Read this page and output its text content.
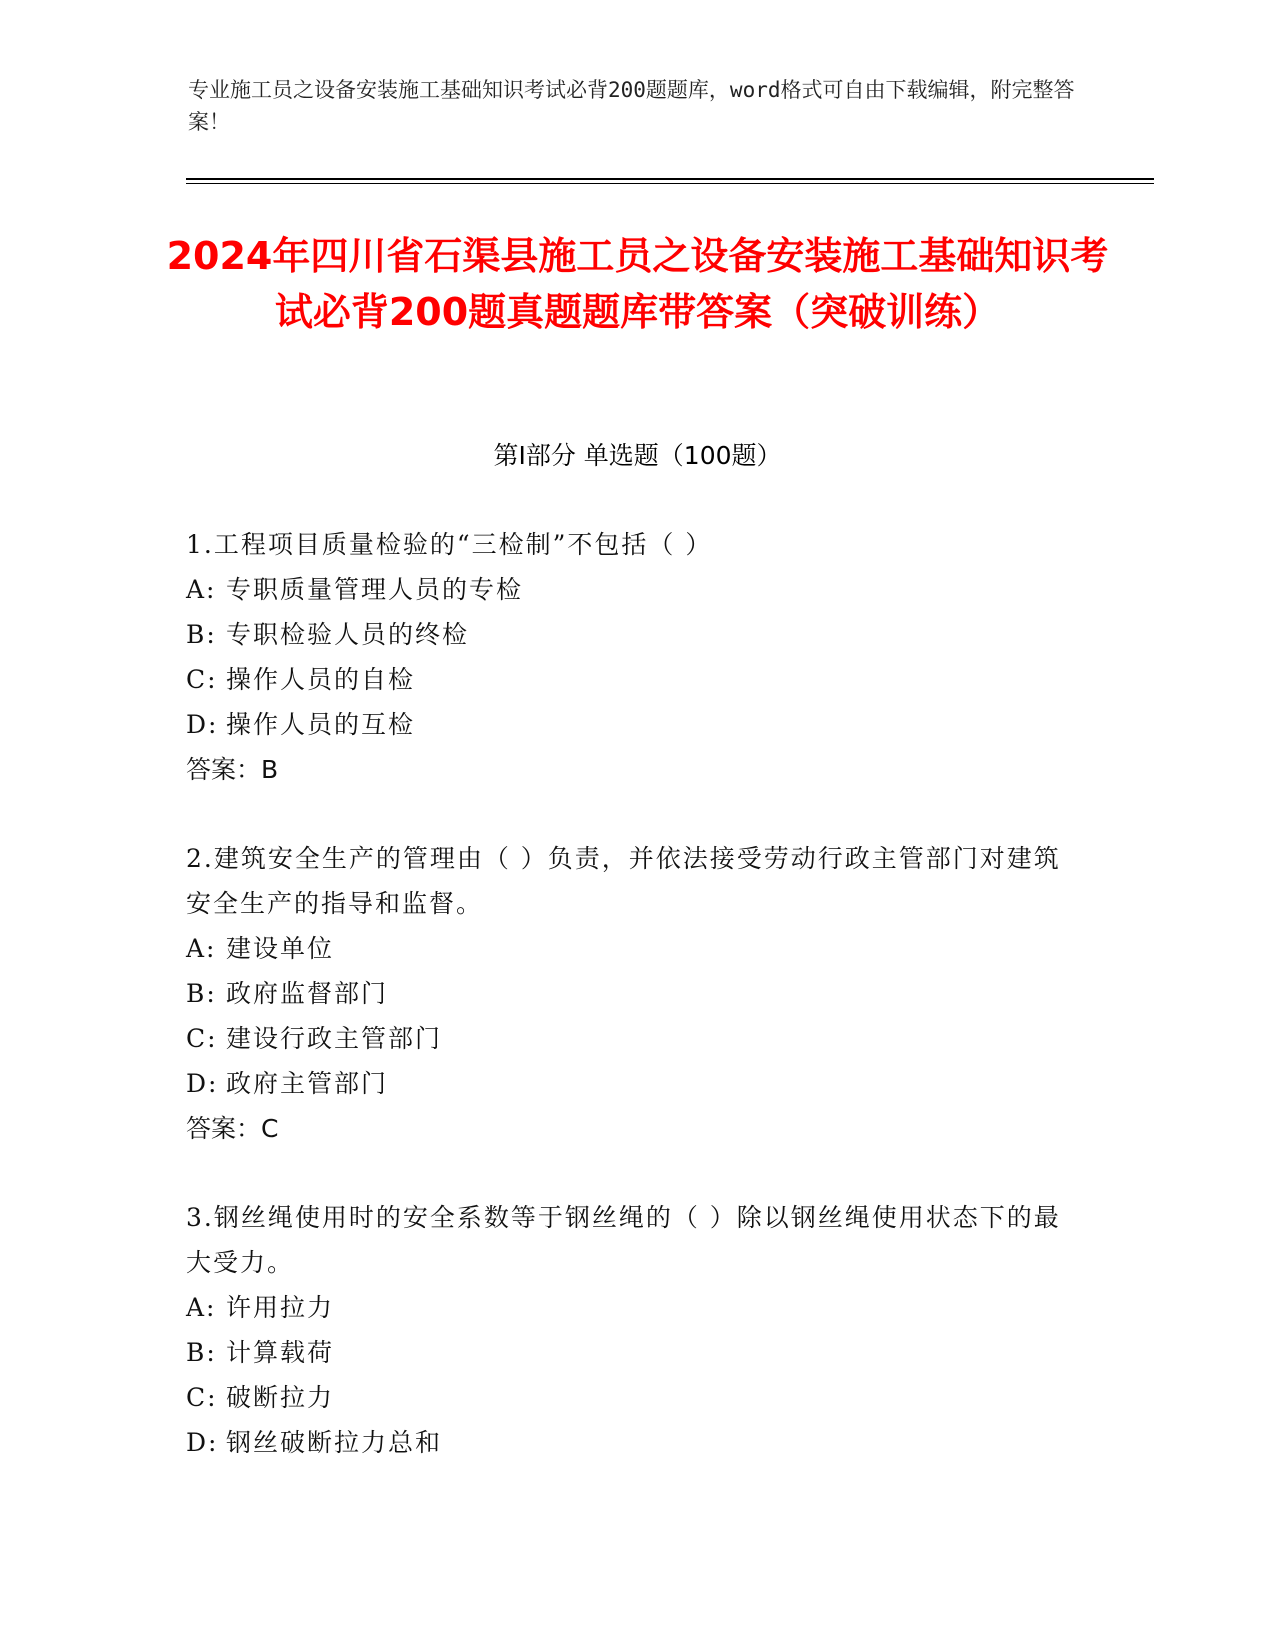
专业施工员之设备安装施工基础知识考试必背200题题库，word格式可自由下载编辑，附完整答案！
2024年四川省石渠县施工员之设备安装施工基础知识考试必背200题真题题库带答案（突破训练）
第I部分 单选题（100题）
1.工程项目质量检验的“三检制”不包括（ ）
A: 专职质量管理人员的专检
B: 专职检验人员的终检
C: 操作人员的自检
D: 操作人员的互检
答案：B
2.建筑安全生产的管理由（ ）负责，并依法接受劳动行政主管部门对建筑安全生产的指导和监督。
A: 建设单位
B: 政府监督部门
C: 建设行政主管部门
D: 政府主管部门
答案：C
3.钢丝绳使用时的安全系数等于钢丝绳的（ ）除以钢丝绳使用状态下的最大受力。
A: 许用拉力
B: 计算载荷
C: 破断拉力
D: 钢丝破断拉力总和
